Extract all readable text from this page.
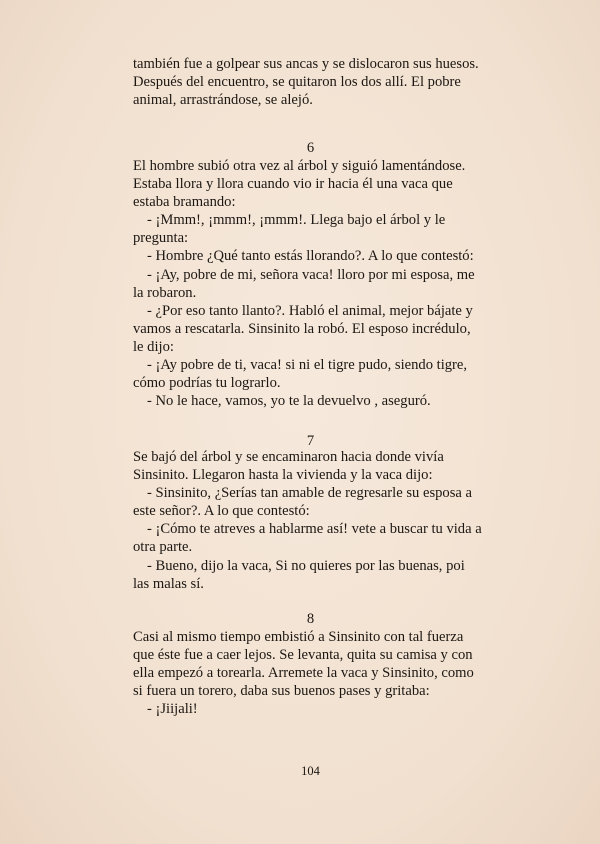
también fue a golpear sus ancas y se dislocaron sus huesos.
Después del encuentro, se quitaron los dos allí. El pobre
animal, arrastrándose, se alejó.
6
El hombre subió otra vez al árbol y siguió lamentándose.
Estaba llora y llora cuando vio ir hacia él una vaca que
estaba bramando:
- ¡Mmm!, ¡mmm!, ¡mmm!. Llega bajo el árbol y le
pregunta:
- Hombre ¿Qué tanto estás llorando?. A lo que contestó:
- ¡Ay, pobre de mi, señora vaca! lloro por mi esposa, me
la robaron.
- ¿Por eso tanto llanto?. Habló el animal, mejor bájate y
vamos a rescatarla. Sinsinito la robó. El esposo incrédulo,
le dijo:
- ¡Ay pobre de ti, vaca! si ni el tigre pudo, siendo tigre,
cómo podrías tu lograrlo.
- No le hace, vamos, yo te la devuelvo , aseguró.
7
Se bajó del árbol y se encaminaron hacia donde vivía
Sinsinito. Llegaron hasta la vivienda y la vaca dijo:
- Sinsinito, ¿Serías tan amable de regresarle su esposa a
este señor?. A lo que contestó:
- ¡Cómo te atreves a hablarme así! vete a buscar tu vida a
otra parte.
- Bueno, dijo la vaca, Si no quieres por las buenas, poi
las malas sí.
8
Casi al mismo tiempo embistió a Sinsinito con tal fuerza
que éste fue a caer lejos. Se levanta, quita su camisa y con
ella empezó a torearla. Arremete la vaca y Sinsinito, como
si fuera un torero, daba sus buenos pases y gritaba:
- ¡Jiijali!
104
